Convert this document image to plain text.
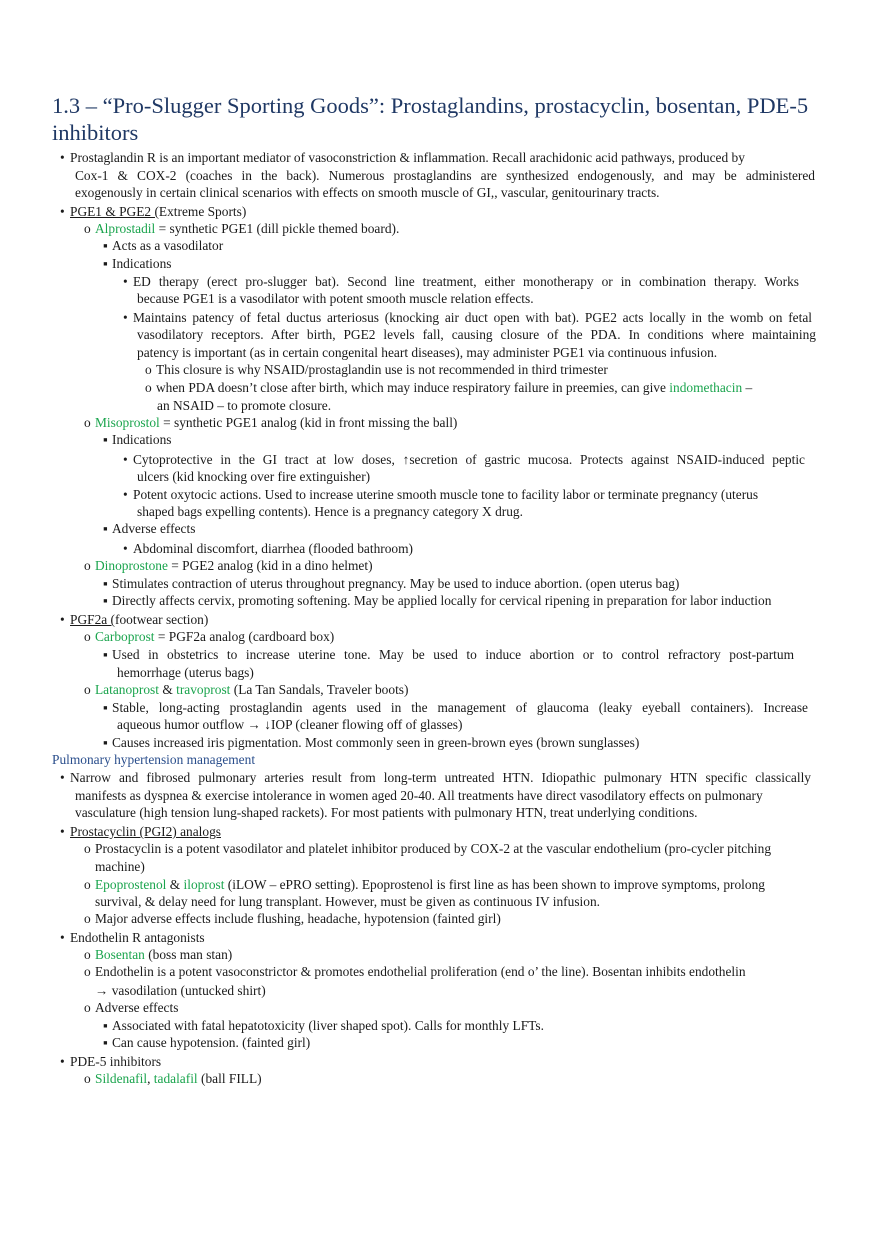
1.3 – “Pro-Slugger Sporting Goods”: Prostaglandins, prostacyclin, bosentan, PDE-5 inhibitors
• Prostaglandin R is an important mediator of vasoconstriction & inflammation. Recall arachidonic acid pathways, produced by
Cox-1 & COX-2 (coaches in the back). Numerous prostaglandins are synthesized endogenously, and may be administered
exogenously in certain clinical scenarios with effects on smooth muscle of GI,, vascular, genitourinary tracts.
• PGE1 & PGE2 (Extreme Sports)
o Alprostadil = synthetic PGE1 (dill pickle themed board).
▪ Acts as a vasodilator
▪ Indications
• ED therapy (erect pro-slugger bat). Second line treatment, either monotherapy or in combination therapy. Works
because PGE1 is a vasodilator with potent smooth muscle relation effects.
• Maintains patency of fetal ductus arteriosus (knocking air duct open with bat). PGE2 acts locally in the womb on fetal
vasodilatory receptors. After birth, PGE2 levels fall, causing closure of the PDA. In conditions where maintaining
patency is important (as in certain congenital heart diseases), may administer PGE1 via continuous infusion.
o This closure is why NSAID/prostaglandin use is not recommended in third trimester
o when PDA doesn’t close after birth, which may induce respiratory failure in preemies, can give indomethacin –
an NSAID – to promote closure.
o Misoprostol = synthetic PGE1 analog (kid in front missing the ball)
▪ Indications
• Cytoprotective in the GI tract at low doses, ↑secretion of gastric mucosa. Protects against NSAID-induced peptic
ulcers (kid knocking over fire extinguisher)
• Potent oxytocic actions. Used to increase uterine smooth muscle tone to facility labor or terminate pregnancy (uterus
shaped bags expelling contents). Hence is a pregnancy category X drug.
▪ Adverse effects
• Abdominal discomfort, diarrhea (flooded bathroom)
o Dinoprostone = PGE2 analog (kid in a dino helmet)
▪ Stimulates contraction of uterus throughout pregnancy. May be used to induce abortion. (open uterus bag)
▪ Directly affects cervix, promoting softening. May be applied locally for cervical ripening in preparation for labor induction
• PGF2a (footwear section)
o Carboprost = PGF2a analog (cardboard box)
▪ Used in obstetrics to increase uterine tone. May be used to induce abortion or to control refractory post-partum
hemorrhage (uterus bags)
o Latanoprost & travoprost (La Tan Sandals, Traveler boots)
▪ Stable, long-acting prostaglandin agents used in the management of glaucoma (leaky eyeball containers). Increase
aqueous humor outflow → ↓IOP (cleaner flowing off of glasses)
▪ Causes increased iris pigmentation. Most commonly seen in green-brown eyes (brown sunglasses)
Pulmonary hypertension management
• Narrow and fibrosed pulmonary arteries result from long-term untreated HTN. Idiopathic pulmonary HTN specific classically
manifests as dyspnea & exercise intolerance in women aged 20-40. All treatments have direct vasodilatory effects on pulmonary
vasculature (high tension lung-shaped rackets). For most patients with pulmonary HTN, treat underlying conditions.
• Prostacyclin (PGI2) analogs
o Prostacyclin is a potent vasodilator and platelet inhibitor produced by COX-2 at the vascular endothelium (pro-cycler pitching
machine)
o Epoprostenol & iloprost (iLOW – ePRO setting). Epoprostenol is first line as has been shown to improve symptoms, prolong
survival, & delay need for lung transplant. However, must be given as continuous IV infusion.
o Major adverse effects include flushing, headache, hypotension (fainted girl)
• Endothelin R antagonists
o Bosentan (boss man stan)
o Endothelin is a potent vasoconstrictor & promotes endothelial proliferation (end o’ the line). Bosentan inhibits endothelin
→ vasodilation (untucked shirt)
o Adverse effects
▪ Associated with fatal hepatotoxicity (liver shaped spot). Calls for monthly LFTs.
▪ Can cause hypotension. (fainted girl)
• PDE-5 inhibitors
o Sildenafil, tadalafil (ball FILL)
